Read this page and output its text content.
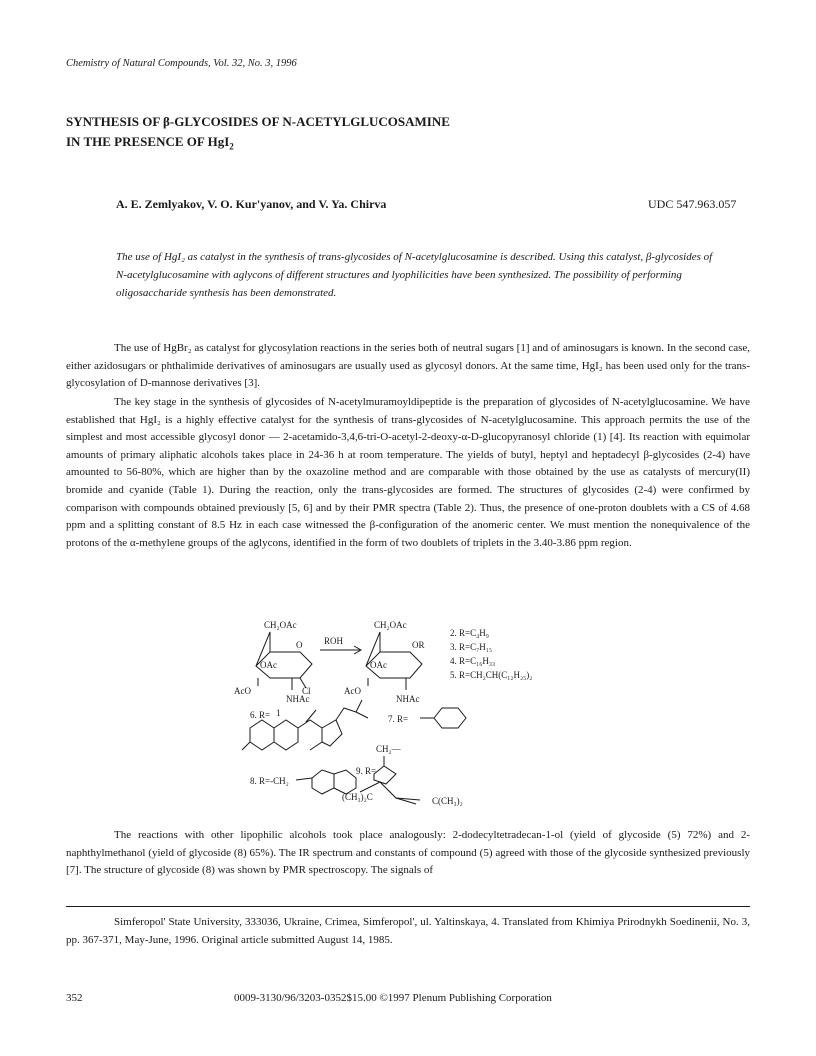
Chemistry of Natural Compounds, Vol. 32, No. 3, 1996
SYNTHESIS OF β-GLYCOSIDES OF N-ACETYLGLUCOSAMINE
IN THE PRESENCE OF HgI$_2$
A. E. Zemlyakov, V. O. Kur'yanov, and V. Ya. Chirva	UDC 547.963.057
The use of HgI₂ as catalyst in the synthesis of trans-glycosides of N-acetylglucosamine is described. Using this catalyst, β-glycosides of N-acetylglucosamine with aglycons of different structures and lyophilicities have been synthesized. The possibility of performing oligosaccharide synthesis has been demonstrated.

The use of HgBr₂ as catalyst for glycosylation reactions in the series both of neutral sugars [1] and of aminosugars is known. In the second case, either azidosugars or phthalimide derivatives of aminosugars are usually used as glycosyl donors. At the same time, HgI₂ has been used only for the trans-glycosylation of D-mannose derivatives [3].

The key stage in the synthesis of glycosides of N-acetylmuramoyldipeptide is the preparation of glycosides of N-acetylglucosamine. We have established that HgI₂ is a highly effective catalyst for the synthesis of trans-glycosides of N-acetylglucosamine. This approach permits the use of the simplest and most accessible glycosyl donor — 2-acetamido-3,4,6-tri-O-acetyl-2-deoxy-α-D-glucopyranosyl chloride (1) [4]. Its reaction with equimolar amounts of primary aliphatic alcohols takes place in 24-36 h at room temperature. The yields of butyl, heptyl and heptadecyl β-glycosides (2-4) have amounted to 56-80%, which are higher than by the oxazoline method and are comparable with those obtained by the use as catalysts of mercury(II) bromide and cyanide (Table 1). During the reaction, only the trans-glycosides are formed. The structures of glycosides (2-4) were confirmed by comparison with compounds obtained previously [5, 6] and by their PMR spectra (Table 2). Thus, the presence of one-proton doublets with a CS of 4.68 ppm and a splitting constant of 8.5 Hz in each case witnessed the β-configuration of the anomeric center. We must mention the nonequivalence of the protons of the α-methylene groups of the aglycons, identified in the form of two doublets of triplets in the 3.40-3.86 ppm region.

CH₂OAc
O
OAc
AcO	Cl
NHAc
1
ROH
CH₂OAc
OR
OAc
AcO
NHAc
2. R=C₄H₉
3. R=C₇H₁₅
4. R=C₁₆H₃₃
5. R=CH₂CH(C₁₂H₂₅)₂
6. R=	7. R=
8. R=-CH₂
9. R=
CH₂—
(CH₃)₂C	C(CH₃)₂

The reactions with other lipophilic alcohols took place analogously: 2-dodecyltetradecan-1-ol (yield of glycoside (5) 72%) and 2-naphthylmethanol (yield of glycoside (8) 65%). The IR spectrum and constants of compound (5) agreed with those of the glycoside synthesized previously [7]. The structure of glycoside (8) was shown by PMR spectroscopy. The signals of

Simferopol' State University, 333036, Ukraine, Crimea, Simferopol', ul. Yaltinskaya, 4. Translated from Khimiya Prirodnykh Soedinenii, No. 3, pp. 367-371, May-June, 1996. Original article submitted August 14, 1985.
352	0009-3130/96/3203-0352$15.00 ©1997 Plenum Publishing Corporation
